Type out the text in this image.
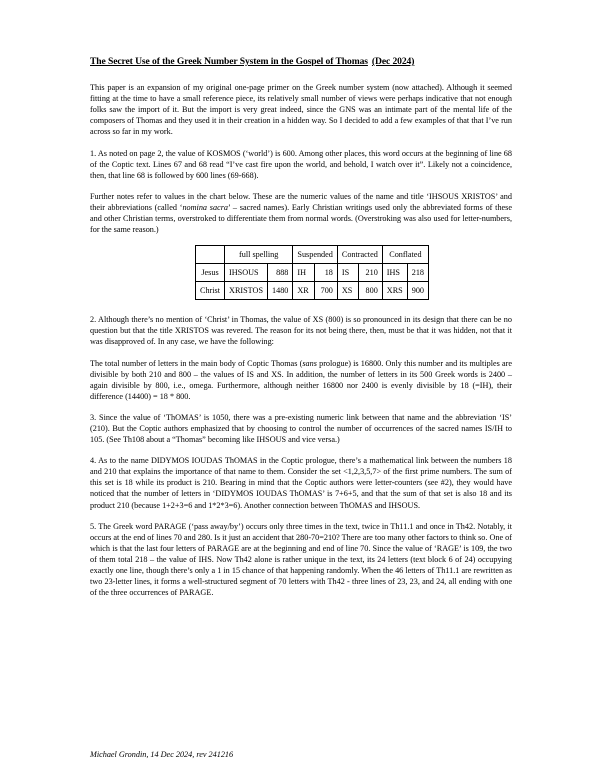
The Secret Use of the Greek Number System in the Gospel of Thomas (Dec 2024)

This paper is an expansion of my original one-page primer on the Greek number system (now attached). Although it seemed fitting at the time to have a small reference piece, its relatively small number of views were perhaps indicative that not enough folks saw the import of it. But the import is very great indeed, since the GNS was an intimate part of the mental life of the composers of Thomas and they used it in their creation in a hidden way. So I decided to add a few examples of that that I’ve run across so far in my work.

1. As noted on page 2, the value of KOSMOS (‘world’) is 600. Among other places, this word occurs at the beginning of line 68 of the Coptic text. Lines 67 and 68 read “I’ve cast fire upon the world, and behold, I watch over it”. Likely not a coincidence, then, that line 68 is followed by 600 lines (69-668).

Further notes refer to values in the chart below. These are the numeric values of the name and title ‘IHSOUS XRISTOS’ and their abbreviations (called ‘nomina sacra’ – sacred names). Early Christian writings used only the abbreviated forms of these and other Christian terms, overstroked to differentiate them from normal words. (Overstroking was also used for letter-numbers, for the same reason.)

	full spelling		Suspended		Contracted		Conflated	
Jesus	IHSOUS	888	IH	18	IS	210	IHS	218
Christ	XRISTOS	1480	XR	700	XS	800	XRS	900

2. Although there’s no mention of ‘Christ’ in Thomas, the value of XS (800) is so pronounced in its design that there can be no question but that the title XRISTOS was revered. The reason for its not being there, then, must be that it was hidden, not that it was disapproved of. In any case, we have the following:

The total number of letters in the main body of Coptic Thomas (sans prologue) is 16800. Only this number and its multiples are divisible by both 210 and 800 – the values of IS and XS. In addition, the number of letters in its 500 Greek words is 2400 – again divisible by 800, i.e., omega. Furthermore, although neither 16800 nor 2400 is evenly divisible by 18 (=IH), their difference (14400) = 18 * 800.

3. Since the value of ‘ThOMAS’ is 1050, there was a pre-existing numeric link between that name and the abbreviation ‘IS’ (210). But the Coptic authors emphasized that by choosing to control the number of occurrences of the sacred names IS/IH to 105. (See Th108 about a “Thomas” becoming like IHSOUS and vice versa.)

4. As to the name DIDYMOS IOUDAS ThOMAS in the Coptic prologue, there’s a mathematical link between the numbers 18 and 210 that explains the importance of that name to them. Consider the set <1,2,3,5,7> of the first prime numbers. The sum of this set is 18 while its product is 210. Bearing in mind that the Coptic authors were letter-counters (see #2), they would have noticed that the number of letters in ‘DIDYMOS IOUDAS ThOMAS’ is 7+6+5, and that the sum of that set is also 18 and its product 210 (because 1+2+3=6 and 1*2*3=6). Another connection between ThOMAS and IHSOUS.

5. The Greek word PARAGE (‘pass away/by’) occurs only three times in the text, twice in Th11.1 and once in Th42. Notably, it occurs at the end of lines 70 and 280. Is it just an accident that 280-70=210? There are too many other factors to think so. One of which is that the last four letters of PARAGE are at the beginning and end of line 70. Since the value of ‘RAGE’ is 109, the two of them total 218 – the value of IHS. Now Th42 alone is rather unique in the text, its 24 letters (text block 6 of 24) occupying exactly one line, though there’s only a 1 in 15 chance of that happening randomly. When the 46 letters of Th11.1 are rewritten as two 23-letter lines, it forms a well-structured segment of 70 letters with Th42 - three lines of 23, 23, and 24, all ending with one of the three occurrences of PARAGE.

Michael Grondin, 14 Dec 2024, rev 241216
